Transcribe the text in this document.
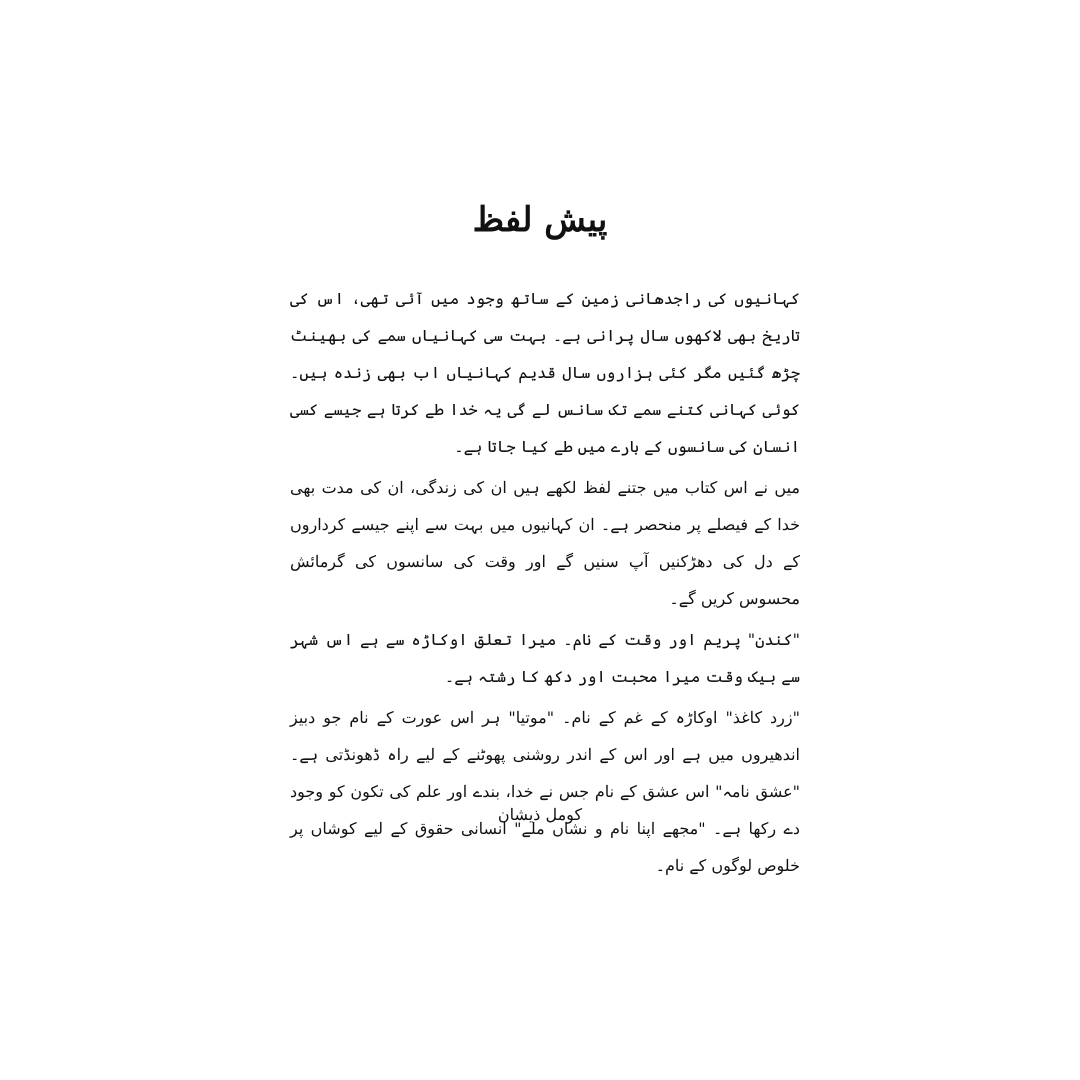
پیش لفظ

کہانیوں کی راجدھانی زمین کے ساتھ وجود میں آئی تھی، اس کی تاریخ بھی لاکھوں سال پرانی ہے۔ بہت سی کہانیاں سمے کی بھینٹ چڑھ گئیں مگر کئی ہزاروں سال قدیم کہانیاں اب بھی زندہ ہیں۔ کوئی کہانی کتنے سمے تک سانس لے گی یہ خدا طے کرتا ہے جیسے کسی انسان کی سانسوں کے بارے میں طے کیا جاتا ہے۔

میں نے اس کتاب میں جتنے لفظ لکھے ہیں ان کی زندگی، ان کی مدت بھی خدا کے فیصلے پر منحصر ہے۔ ان کہانیوں میں بہت سے اپنے جیسے کرداروں کے دل کی دھڑکنیں آپ سنیں گے اور وقت کی سانسوں کی گرمائش محسوس کریں گے۔

"کندن" پریم اور وقت کے نام۔ میرا تعلق اوکاڑہ سے ہے اس شہر سے بیک وقت میرا محبت اور دکھ کا رشتہ ہے۔

"زرد کاغذ" اوکاڑہ کے غم کے نام۔ "موتیا" ہر اس عورت کے نام جو دبیز اندھیروں میں ہے اور اس کے اندر روشنی پھوٹنے کے لیے راہ ڈھونڈتی ہے۔ "عشق نامہ" اس عشق کے نام جس نے خدا، بندے اور علم کی تکون کو وجود دے رکھا ہے۔ "مجھے اپنا نام و نشاں ملے" انسانی حقوق کے لیے کوشاں پر خلوص لوگوں کے نام۔

کومل ذیشان
